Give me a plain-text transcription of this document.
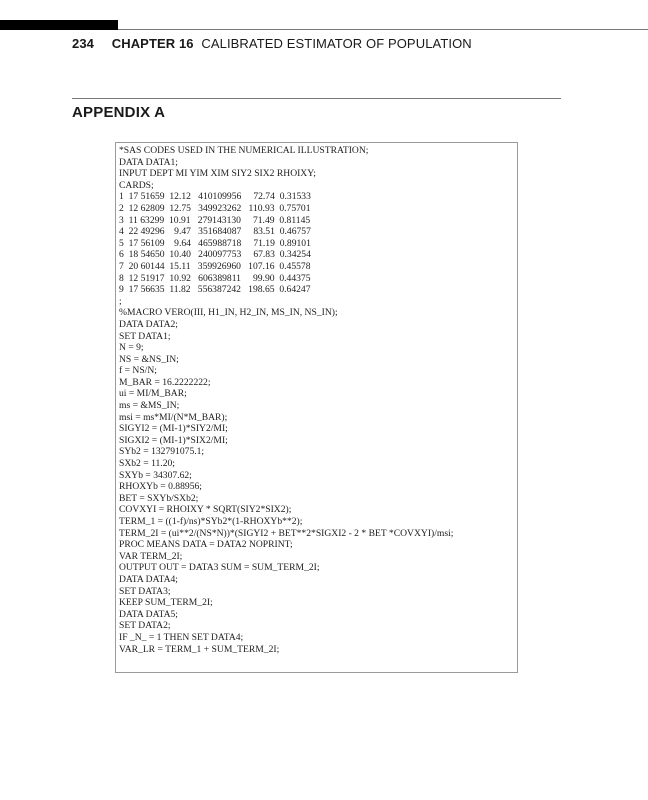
234 CHAPTER 16 CALIBRATED ESTIMATOR OF POPULATION
APPENDIX A
*SAS CODES USED IN THE NUMERICAL ILLUSTRATION;
DATA DATA1;
INPUT DEPT MI YIM XIM SIY2 SIX2 RHOIXY;
CARDS;
1  17 51659  12.12   410109956     72.74  0.31533
2  12 62809  12.75   349923262   110.93  0.75701
3  11 63299  10.91   279143130     71.49  0.81145
4  22 49296    9.47   351684087     83.51  0.46757
5  17 56109    9.64   465988718     71.19  0.89101
6  18 54650  10.40   240097753     67.83  0.34254
7  20 60144  15.11   359926960   107.16  0.45578
8  12 51917  10.92   606389811     99.90  0.44375
9  17 56635  11.82   556387242   198.65  0.64247
;
%MACRO VERO(III, H1_IN, H2_IN, MS_IN, NS_IN);
DATA DATA2;
SET DATA1;
N = 9;
NS = &NS_IN;
f = NS/N;
M_BAR = 16.2222222;
ui = MI/M_BAR;
ms = &MS_IN;
msi = ms*MI/(N*M_BAR);
SIGYI2 = (MI-1)*SIY2/MI;
SIGXI2 = (MI-1)*SIX2/MI;
SYb2 = 132791075.1;
SXb2 = 11.20;
SXYb = 34307.62;
RHOXYb = 0.88956;
BET = SXYb/SXb2;
COVXYI = RHOIXY * SQRT(SIY2*SIX2);
TERM_1 = ((1-f)/ns)*SYb2*(1-RHOXYb**2);
TERM_2I = (ui**2/(NS*N))*(SIGYI2 + BET**2*SIGXI2 - 2 * BET *COVXYI)/msi;
PROC MEANS DATA = DATA2 NOPRINT;
VAR TERM_2I;
OUTPUT OUT = DATA3 SUM = SUM_TERM_2I;
DATA DATA4;
SET DATA3;
KEEP SUM_TERM_2I;
DATA DATA5;
SET DATA2;
IF _N_ = 1 THEN SET DATA4;
VAR_LR = TERM_1 + SUM_TERM_2I;
